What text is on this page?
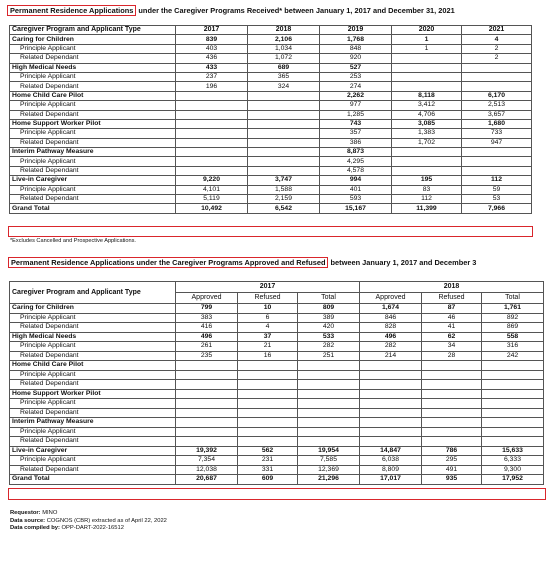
Permanent Residence Applications under the Caregiver Programs Received* between January 1, 2017 and December 31, 2021
Caregiver Program and Applicant Type	2017	2018	2019	2020	2021
Caring for Children	839	2,106	1,768	1	4
Principle Applicant	403	1,034	848	1	2
Related Dependant	436	1,072	920		2
High Medical Needs	433	689	527		
Principle Applicant	237	365	253		
Related Dependant	196	324	274		
Home Child Care Pilot			2,262	8,118	6,170
Principle Applicant			977	3,412	2,513
Related Dependant			1,285	4,706	3,657
Home Support Worker Pilot			743	3,085	1,680
Principle Applicant			357	1,383	733
Related Dependant			386	1,702	947
Interim Pathway Measure			8,873		
Principle Applicant			4,295		
Related Dependant			4,578		
Live-in Caregiver	9,220	3,747	994	195	112
Principle Applicant	4,101	1,588	401	83	59
Related Dependant	5,119	2,159	593	112	53
Grand Total	10,492	6,542	15,167	11,399	7,966
*Excludes Cancelled and Prospective Applications.
Permanent Residence Applications under the Caregiver Programs Approved and Refused between January 1, 2017 and December 3
Caregiver Program and Applicant Type	2017			2018		
	Approved	Refused	Total	Approved	Refused	Total
Caring for Children	799	10	809	1,674	87	1,761
Principle Applicant	383	6	389	846	46	892
Related Dependant	416	4	420	828	41	869
High Medical Needs	496	37	533	496	62	558
Principle Applicant	261	21	282	282	34	316
Related Dependant	235	16	251	214	28	242
Home Child Care Pilot						
Principle Applicant						
Related Dependant						
Home Support Worker Pilot						
Principle Applicant						
Related Dependant						
Interim Pathway Measure						
Principle Applicant						
Related Dependant						
Live-in Caregiver	19,392	562	19,954	14,847	786	15,633
Principle Applicant	7,354	231	7,585	6,038	295	6,333
Related Dependant	12,038	331	12,369	8,809	491	9,300
Grand Total	20,687	609	21,296	17,017	935	17,952
Requestor: MINO
Data source: COGNOS (CBR) extracted as of April 22, 2022
Data compiled by: OPP-DART-2022-16512
